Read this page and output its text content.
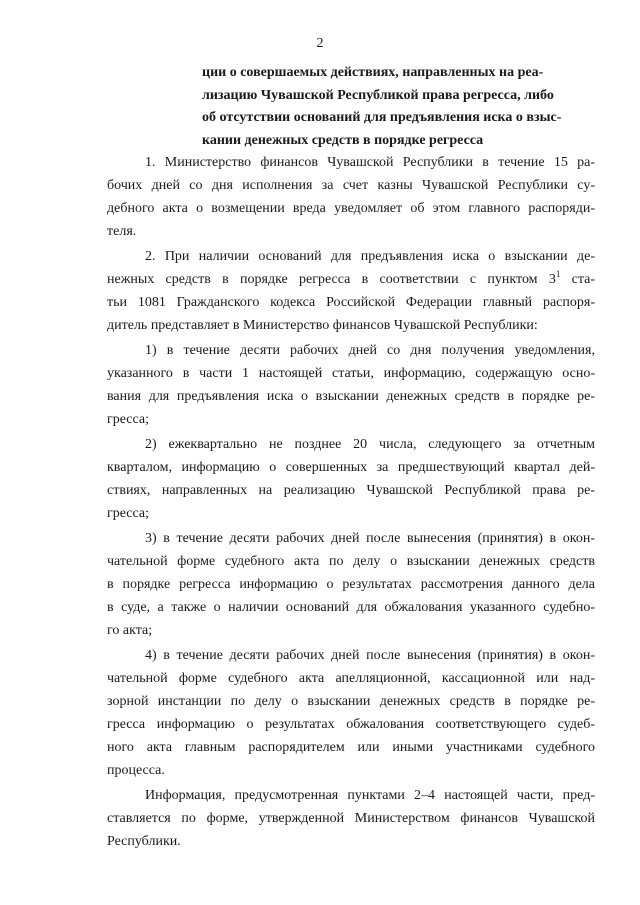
2
ции о совершаемых действиях, направленных на реа-
лизацию Чувашской Республикой права регресса, либо
об отсутствии оснований для предъявления иска о взыс-
кании денежных средств в порядке регресса
1. Министерство финансов Чувашской Республики в течение 15 ра-
бочих дней со дня исполнения за счет казны Чувашской Республики су-
дебного акта о возмещении вреда уведомляет об этом главного распоряди-
теля.
2. При наличии оснований для предъявления иска о взыскании де-
нежных средств в порядке регресса в соответствии с пунктом $3^1$ ста-
тьи 1081 Гражданского кодекса Российской Федерации главный распоря-
дитель представляет в Министерство финансов Чувашской Республики:
1) в течение десяти рабочих дней со дня получения уведомления,
указанного в части 1 настоящей статьи, информацию, содержащую осно-
вания для предъявления иска о взыскании денежных средств в порядке ре-
гресса;
2) ежеквартально не позднее 20 числа, следующего за отчетным
кварталом, информацию о совершенных за предшествующий квартал дей-
ствиях, направленных на реализацию Чувашской Республикой права ре-
гресса;
3) в течение десяти рабочих дней после вынесения (принятия) в окон-
чательной форме судебного акта по делу о взыскании денежных средств
в порядке регресса информацию о результатах рассмотрения данного дела
в суде, а также о наличии оснований для обжалования указанного судебно-
го акта;
4) в течение десяти рабочих дней после вынесения (принятия) в окон-
чательной форме судебного акта апелляционной, кассационной или над-
зорной инстанции по делу о взыскании денежных средств в порядке ре-
гресса информацию о результатах обжалования соответствующего судеб-
ного акта главным распорядителем или иными участниками судебного
процесса.
Информация, предусмотренная пунктами 2–4 настоящей части, пред-
ставляется по форме, утвержденной Министерством финансов Чувашской
Республики.
